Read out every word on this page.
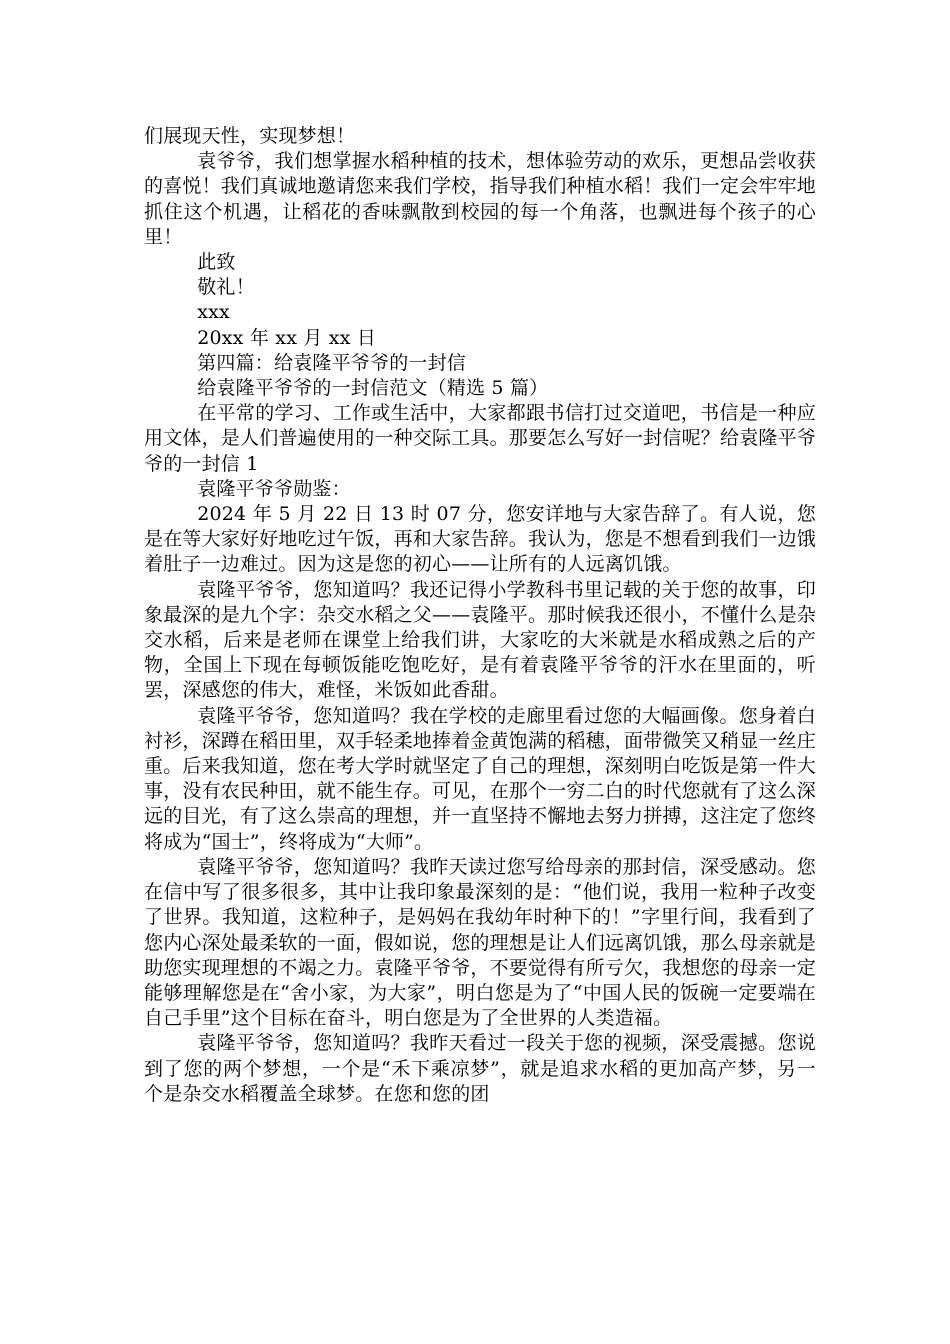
们展现天性，实现梦想！

袁爷爷，我们想掌握水稻种植的技术，想体验劳动的欢乐，更想品尝收获的喜悦！我们真诚地邀请您来我们学校，指导我们种植水稻！我们一定会牢牢地抓住这个机遇，让稻花的香味飘散到校园的每一个角落，也飘进每个孩子的心里！

此致

敬礼！

xxx

20xx 年 xx 月 xx 日

第四篇：给袁隆平爷爷的一封信

给袁隆平爷爷的一封信范文（精选 5 篇）

在平常的学习、工作或生活中，大家都跟书信打过交道吧，书信是一种应用文体，是人们普遍使用的一种交际工具。那要怎么写好一封信呢？给袁隆平爷爷的一封信 1

袁隆平爷爷勋鉴：

2024 年 5 月 22 日 13 时 07 分，您安详地与大家告辞了。有人说，您是在等大家好好地吃过午饭，再和大家告辞。我认为，您是不想看到我们一边饿着肚子一边难过。因为这是您的初心——让所有的人远离饥饿。

袁隆平爷爷，您知道吗？我还记得小学教科书里记载的关于您的故事，印象最深的是九个字：杂交水稻之父——袁隆平。那时候我还很小，不懂什么是杂交水稻，后来是老师在课堂上给我们讲，大家吃的大米就是水稻成熟之后的产物，全国上下现在每顿饭能吃饱吃好，是有着袁隆平爷爷的汗水在里面的，听罢，深感您的伟大，难怪，米饭如此香甜。

袁隆平爷爷，您知道吗？我在学校的走廊里看过您的大幅画像。您身着白衬衫，深蹲在稻田里，双手轻柔地捧着金黄饱满的稻穗，面带微笑又稍显一丝庄重。后来我知道，您在考大学时就坚定了自己的理想，深刻明白吃饭是第一件大事，没有农民种田，就不能生存。可见，在那个一穷二白的时代您就有了这么深远的目光，有了这么崇高的理想，并一直坚持不懈地去努力拼搏，这注定了您终将成为“国士”，终将成为“大师”。

袁隆平爷爷，您知道吗？我昨天读过您写给母亲的那封信，深受感动。您在信中写了很多很多，其中让我印象最深刻的是：“他们说，我用一粒种子改变了世界。我知道，这粒种子，是妈妈在我幼年时种下的！”字里行间，我看到了您内心深处最柔软的一面，假如说，您的理想是让人们远离饥饿，那么母亲就是助您实现理想的不竭之力。袁隆平爷爷，不要觉得有所亏欠，我想您的母亲一定能够理解您是在“舍小家，为大家”，明白您是为了“中国人民的饭碗一定要端在自己手里”这个目标在奋斗，明白您是为了全世界的人类造福。

袁隆平爷爷，您知道吗？我昨天看过一段关于您的视频，深受震撼。您说到了您的两个梦想，一个是“禾下乘凉梦”，就是追求水稻的更加高产梦，另一个是杂交水稻覆盖全球梦。在您和您的团
